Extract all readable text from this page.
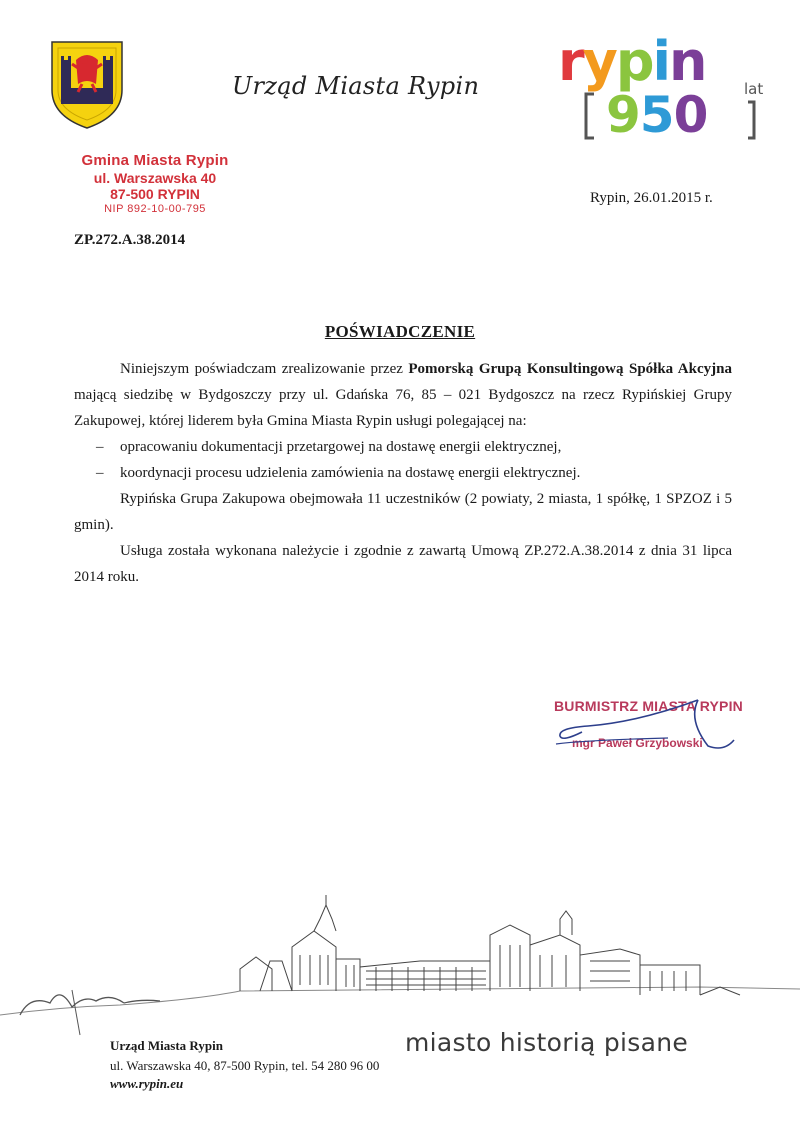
Urząd Miasta Rypin rypin	lat
950
Gmina Miasta Rypin
ul. Warszawska 40
87-500 RYPIN
NIP 892-10-00-795
Rypin, 26.01.2015 r.
ZP.272.A.38.2014
POŚWIADCZENIE

Niniejszym poświadczam zrealizowanie przez Pomorską Grupą Konsultingową Spółka Akcyjna mającą siedzibę w Bydgoszczy przy ul. Gdańska 76, 85 – 021 Bydgoszcz na rzecz Rypińskiej Grupy Zakupowej, której liderem była Gmina Miasta Rypin usługi polegającej na:

–	opracowaniu dokumentacji przetargowej na dostawę energii elektrycznej,
–	koordynacji procesu udzielenia zamówienia na dostawę energii elektrycznej.

Rypińska Grupa Zakupowa obejmowała 11 uczestników (2 powiaty, 2 miasta, 1 spółkę, 1 SPZOZ i 5 gmin).

Usługa została wykonana należycie i zgodnie z zawartą Umową ZP.272.A.38.2014 z dnia 31 lipca 2014 roku.

BURMISTRZ MIASTA RYPIN
mgr Paweł Grzybowski
miasto historią pisane
Urząd Miasta Rypin
ul. Warszawska 40, 87-500 Rypin, tel. 54 280 96 00
www.rypin.eu
